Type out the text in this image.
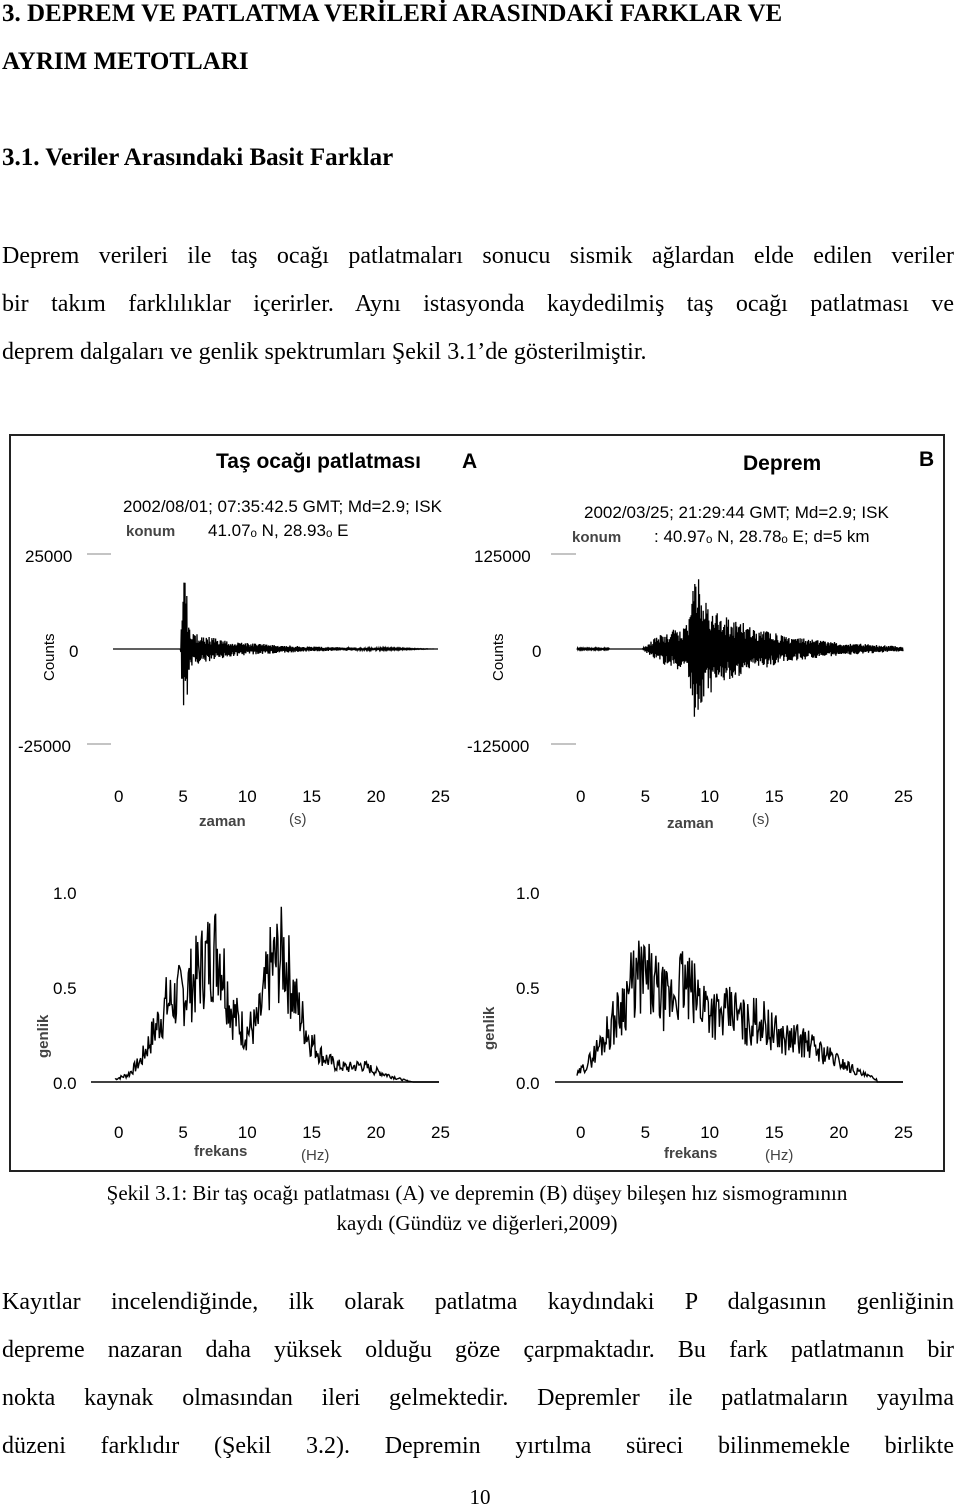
3. DEPREM VE PATLATMA VERİLERİ ARASINDAKİ FARKLAR VE
AYRIM METOTLARI
3.1. Veriler Arasındaki Basit Farklar
Deprem verileri ile taş ocağı patlatmaları sonucu sismik ağlardan elde edilen veriler
bir takım farklılıklar içerirler. Aynı istasyonda kaydedilmiş taş ocağı patlatması ve
deprem dalgaları ve genlik spektrumları Şekil 3.1’de gösterilmiştir.
Taş ocağı patlatması A
2002/08/01; 07:35:42.5 GMT; Md=2.9; ISK
konum 41.07ₒ N, 28.93ₒ E
Deprem	B
2002/03/25; 21:29:44 GMT; Md=2.9; ISK
konum : 40.97ₒ N, 28.78ₒ E; d=5 km
25000
0
-25000
Counts
0	5	10	15	20	25
zaman	(s)
125000
0
-125000
Counts
0	5	10	15	20	25
zaman	(s)
1.0
0.5
0.0
genlik
0	5	10	15	20	25
frekans	(Hz)
1.0
0.5
0.0
genlik
0	5	10	15	20	25
frekans	(Hz)
Şekil 3.1: Bir taş ocağı patlatması (A) ve depremin (B) düşey bileşen hız sismogramının
kaydı (Gündüz ve diğerleri,2009)
Kayıtlar incelendiğinde, ilk olarak patlatma kaydındaki P dalgasının genliğinin
depreme nazaran daha yüksek olduğu göze çarpmaktadır. Bu fark patlatmanın bir
nokta kaynak olmasından ileri gelmektedir. Depremler ile patlatmaların yayılma
düzeni farklıdır (Şekil 3.2). Depremin yırtılma süreci bilinmemekle birlikte
10
